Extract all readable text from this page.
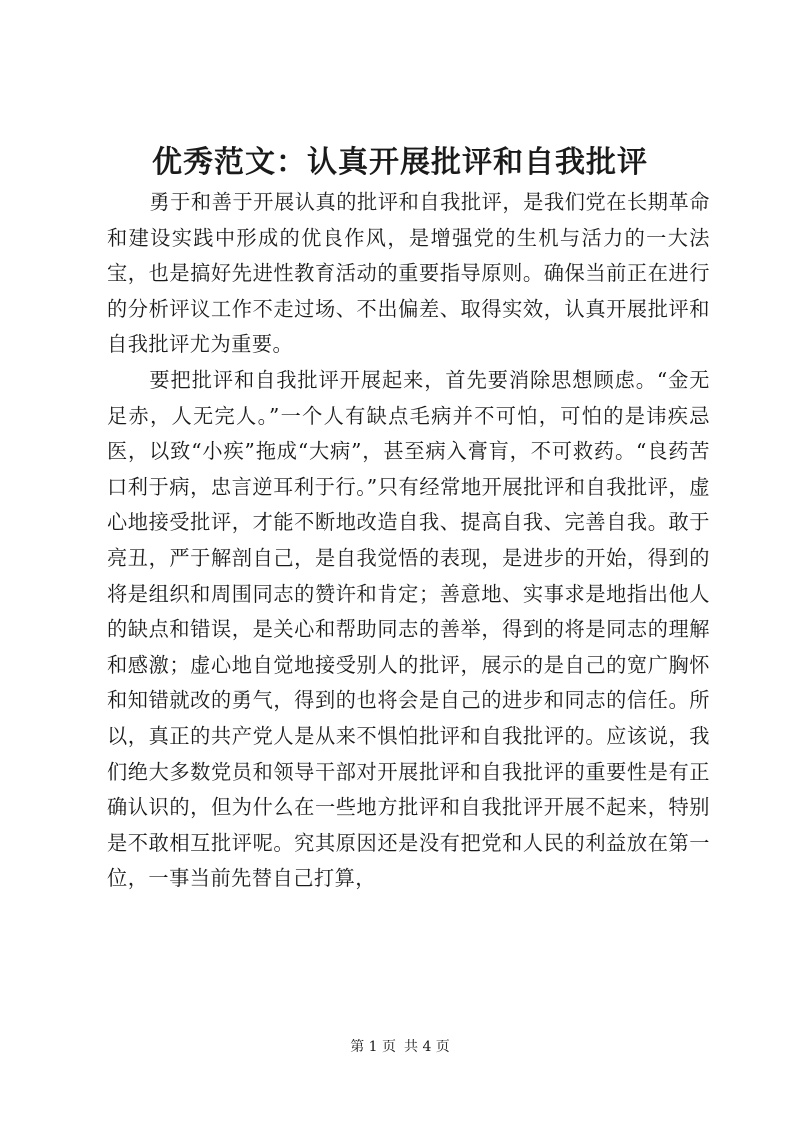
优秀范文：认真开展批评和自我批评

勇于和善于开展认真的批评和自我批评，是我们党在长期革命和建设实践中形成的优良作风，是增强党的生机与活力的一大法宝，也是搞好先进性教育活动的重要指导原则。确保当前正在进行的分析评议工作不走过场、不出偏差、取得实效，认真开展批评和自我批评尤为重要。

要把批评和自我批评开展起来，首先要消除思想顾虑。“金无足赤，人无完人。”一个人有缺点毛病并不可怕，可怕的是讳疾忌医，以致“小疾”拖成“大病”，甚至病入膏肓，不可救药。“良药苦口利于病，忠言逆耳利于行。”只有经常地开展批评和自我批评，虚心地接受批评，才能不断地改造自我、提高自我、完善自我。敢于亮丑，严于解剖自己，是自我觉悟的表现，是进步的开始，得到的将是组织和周围同志的赞许和肯定；善意地、实事求是地指出他人的缺点和错误，是关心和帮助同志的善举，得到的将是同志的理解和感激；虚心地自觉地接受别人的批评，展示的是自己的宽广胸怀和知错就改的勇气，得到的也将会是自己的进步和同志的信任。所以，真正的共产党人是从来不惧怕批评和自我批评的。应该说，我们绝大多数党员和领导干部对开展批评和自我批评的重要性是有正确认识的，但为什么在一些地方批评和自我批评开展不起来，特别是不敢相互批评呢。究其原因还是没有把党和人民的利益放在第一位，一事当前先替自己打算，

第 1 页 共 4 页
